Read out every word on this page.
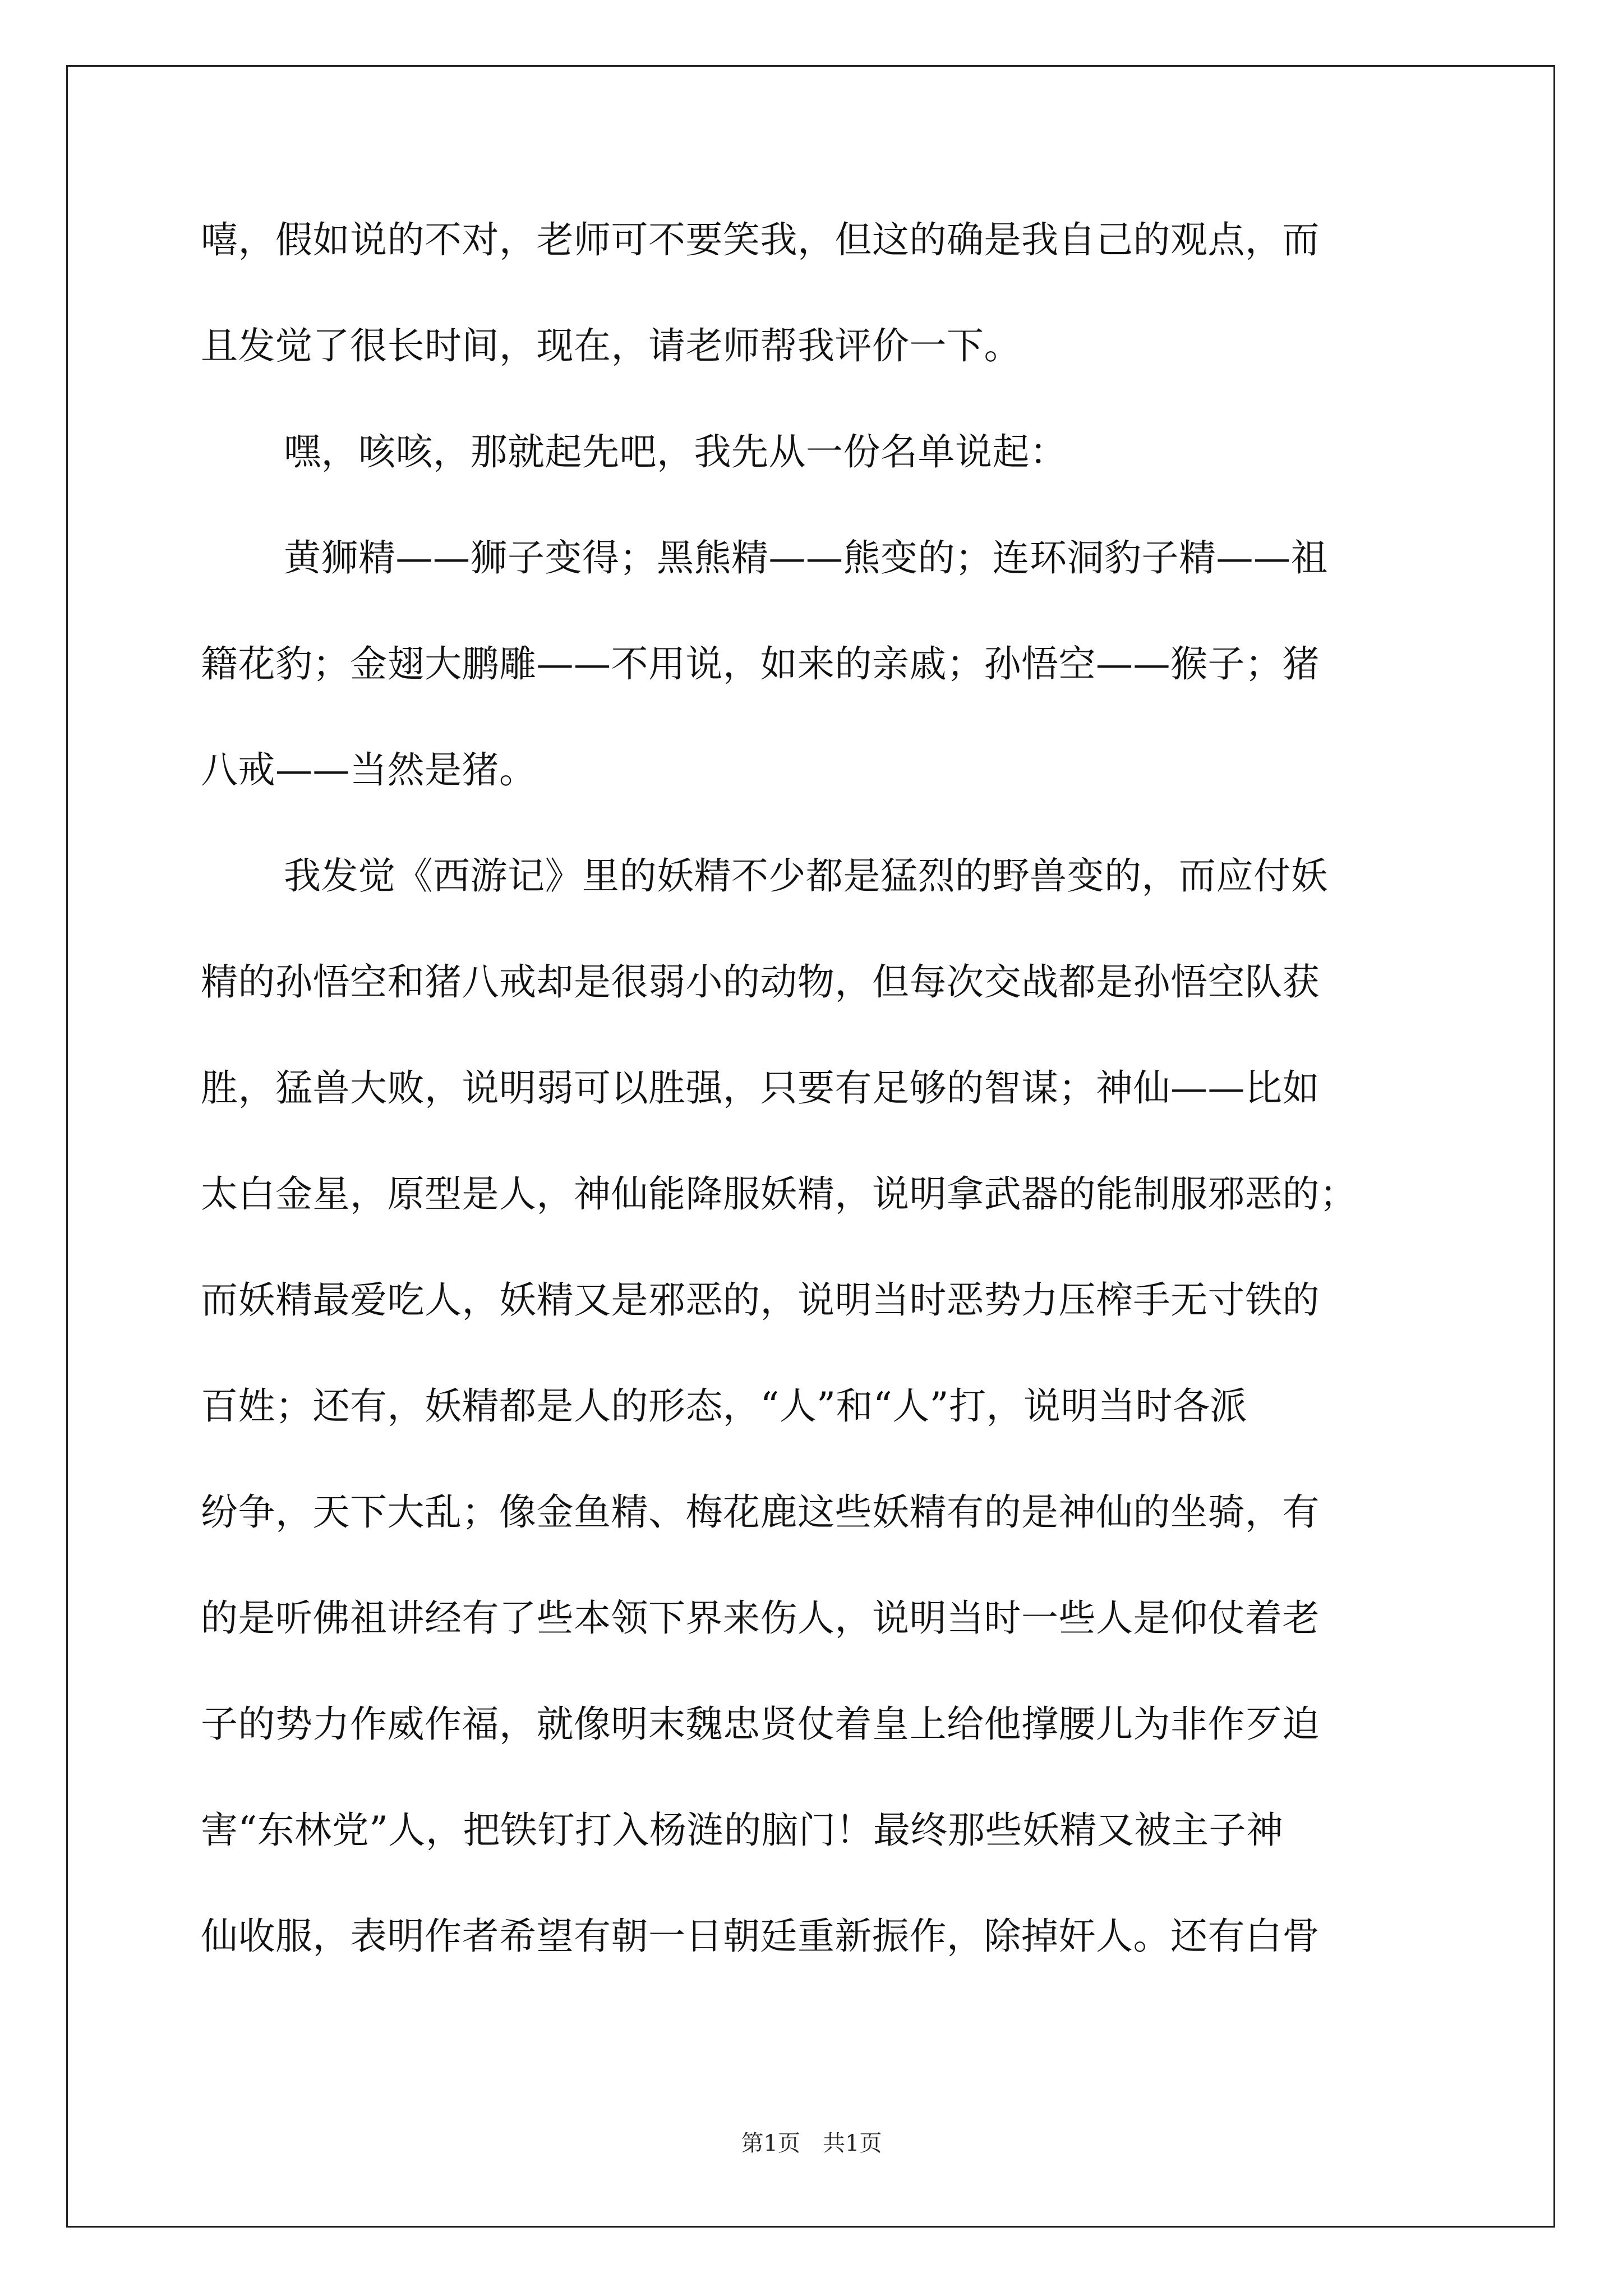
嘻，假如说的不对，老师可不要笑我，但这的确是我自己的观点，而
且发觉了很长时间，现在，请老师帮我评价一下。

嘿，咳咳，那就起先吧，我先从一份名单说起：

黄狮精——狮子变得；黑熊精——熊变的；连环洞豹子精——祖
籍花豹；金翅大鹏雕——不用说，如来的亲戚；孙悟空——猴子；猪
八戒——当然是猪。

我发觉《西游记》里的妖精不少都是猛烈的野兽变的，而应付妖
精的孙悟空和猪八戒却是很弱小的动物，但每次交战都是孙悟空队获
胜，猛兽大败，说明弱可以胜强，只要有足够的智谋；神仙——比如
太白金星，原型是人，神仙能降服妖精，说明拿武器的能制服邪恶的；
而妖精最爱吃人，妖精又是邪恶的，说明当时恶势力压榨手无寸铁的
百姓；还有，妖精都是人的形态，“人”和“人”打，说明当时各派
纷争，天下大乱；像金鱼精、梅花鹿这些妖精有的是神仙的坐骑，有
的是听佛祖讲经有了些本领下界来伤人，说明当时一些人是仰仗着老
子的势力作威作福，就像明末魏忠贤仗着皇上给他撑腰儿为非作歹迫
害“东林党”人，把铁钉打入杨涟的脑门！最终那些妖精又被主子神
仙收服，表明作者希望有朝一日朝廷重新振作，除掉奸人。还有白骨

第1页 共1页
